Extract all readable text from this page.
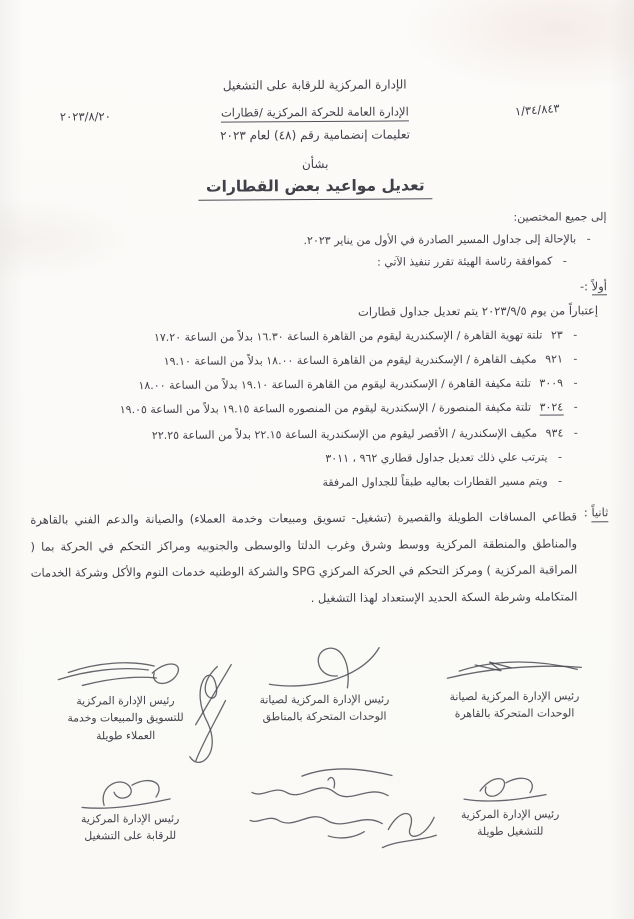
الإدارة المركزية للرقابة على التشغيل
الإدارة العامة للحركة المركزية /قطارات
٢٠٢٣/٨/٢٠	١/٣٤/٨٤٣
تعليمات إنضمامية رقم (٤٨) لعام ٢٠٢٣
بشأن
تعديل مواعيد بعض القطارات
إلى جميع المختصين:
- بالإحالة إلى جداول المسير الصادرة في الأول من يناير ٢٠٢٣.
- كموافقة رئاسة الهيئة تقرر تنفيذ الآتي :
أولاً :-
إعتباراً من يوم ٢٠٢٣/٩/٥ يتم تعديل جداول قطارات
- ٢٣ تلتة تهوية القاهرة / الإسكندرية ليقوم من القاهرة الساعة ١٦.٣٠ بدلاً من الساعة ١٧.٢٠
- ٩٢١ مكيف القاهرة / الإسكندرية ليقوم من القاهرة الساعة ١٨.٠٠ بدلاً من الساعة ١٩.١٠
- ٣٠٠٩ تلتة مكيفة القاهرة / الإسكندرية ليقوم من القاهرة الساعة ١٩.١٠ بدلاً من الساعة ١٨.٠٠
- ٣٠٢٤ تلتة مكيفة المنصورة / الإسكندرية ليقوم من المنصوره الساعة ١٩.١٥ بدلاً من الساعة ١٩.٠٥
- ٩٣٤ مكيف الإسكندرية / الأقصر ليقوم من الإسكندرية الساعة ٢٢.١٥ بدلاً من الساعة ٢٢.٢٥
- يترتب علي ذلك تعديل جداول قطاري ٩٦٢ ، ٣٠١١
- ويتم مسير القطارات بعاليه طبقاً للجداول المرفقة
ثانياً :
قطاعي المسافات الطويلة والقصيرة (تشغيل- تسويق ومبيعات وخدمة العملاء) والصيانة والدعم الفني بالقاهرة والمناطق والمنطقة المركزية ووسط وشرق وغرب الدلتا والوسطى والجنوبيه ومراكز التحكم في الحركة بما ( المراقبة المركزية ) ومركز التحكم في الحركة المركزي SPG والشركة الوطنيه خدمات النوم والأكل وشركة الخدمات المتكامله وشرطة السكة الحديد الإستعداد لهذا التشغيل .
رئيس الإدارة المركزية لصيانة
الوحدات المتحركة بالقاهرة
رئيس الإدارة المركزية لصيانة
الوحدات المتحركة بالمناطق
رئيس الإدارة المركزية
للتسويق والمبيعات وخدمة
العملاء طويلة
رئيس الإدارة المركزية
للتشغيل طويلة
رئيس الإدارة المركزية
للرقابة على التشغيل
